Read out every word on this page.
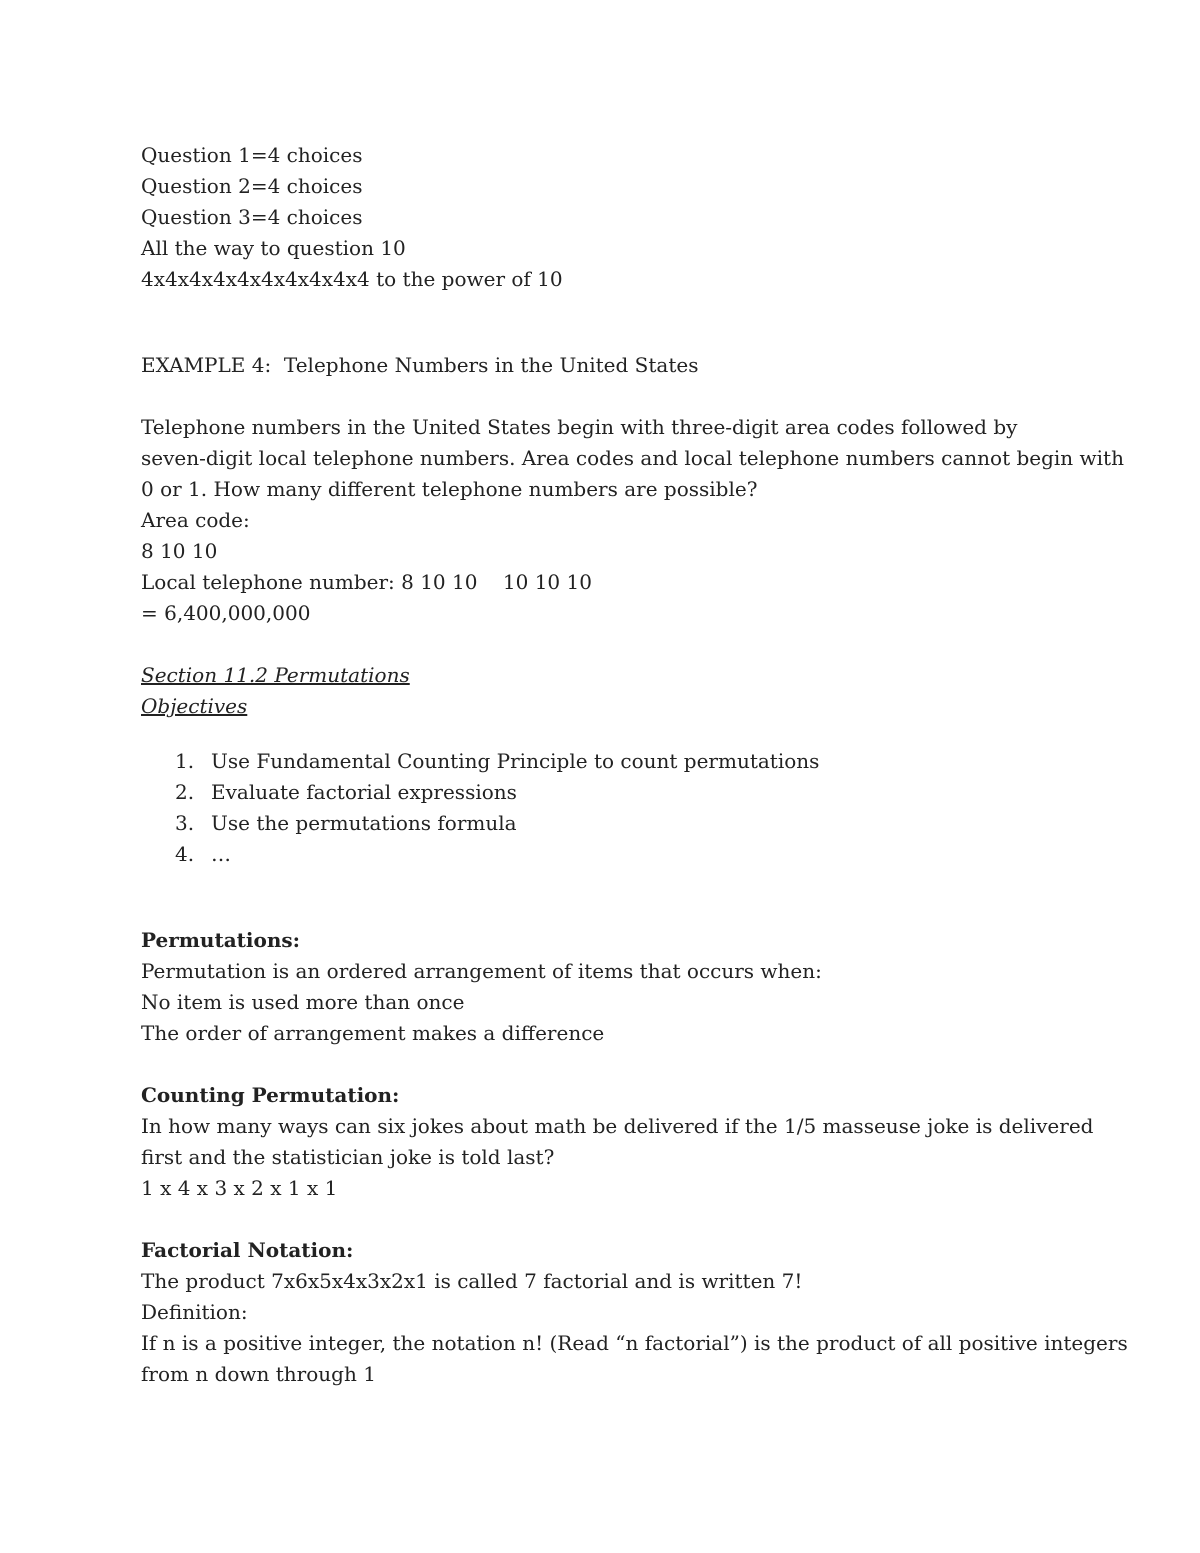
Question 1=4 choices
Question 2=4 choices
Question 3=4 choices
All the way to question 10
4x4x4x4x4x4x4x4x4x4 to the power of 10
EXAMPLE 4:  Telephone Numbers in the United States
Telephone numbers in the United States begin with three-digit area codes followed by
seven-digit local telephone numbers. Area codes and local telephone numbers cannot begin with
0 or 1. How many different telephone numbers are possible?
Area code:
8 10 10
Local telephone number: 8 10 10    10 10 10
= 6,400,000,000
Section 11.2 Permutations
Objectives
1. Use Fundamental Counting Principle to count permutations
2. Evaluate factorial expressions
3. Use the permutations formula
4. …
Permutations:
Permutation is an ordered arrangement of items that occurs when:
No item is used more than once
The order of arrangement makes a difference
Counting Permutation:
In how many ways can six jokes about math be delivered if the 1/5 masseuse joke is delivered
first and the statistician joke is told last?
1 x 4 x 3 x 2 x 1 x 1
Factorial Notation:
The product 7x6x5x4x3x2x1 is called 7 factorial and is written 7!
Definition:
If n is a positive integer, the notation n! (Read “n factorial”) is the product of all positive integers
from n down through 1
